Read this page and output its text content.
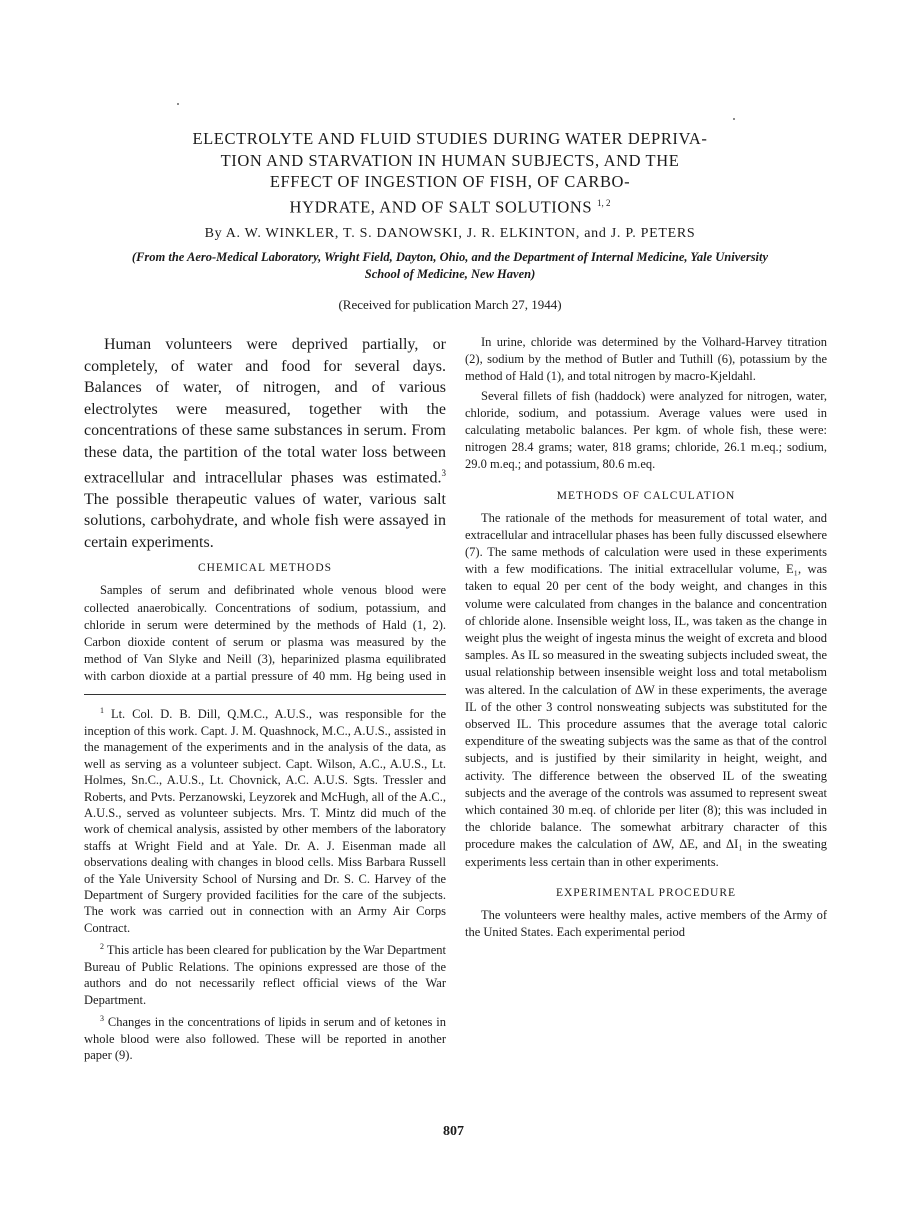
ELECTROLYTE AND FLUID STUDIES DURING WATER DEPRIVA-
TION AND STARVATION IN HUMAN SUBJECTS, AND THE
EFFECT OF INGESTION OF FISH, OF CARBO-
HYDRATE, AND OF SALT SOLUTIONS $^{1, 2}$
By A. W. WINKLER, T. S. DANOWSKI, J. R. ELKINTON, and J. P. PETERS
(From the Aero-Medical Laboratory, Wright Field, Dayton, Ohio, and the Department of Internal Medicine, Yale University School of Medicine, New Haven)
(Received for publication March 27, 1944)

Human volunteers were deprived partially, or completely, of water and food for several days. Balances of water, of nitrogen, and of various electrolytes were measured, together with the concentrations of these same substances in serum. From these data, the partition of the total water loss between extracellular and intracellular phases was estimated.$^3$ The possible therapeutic values of water, various salt solutions, carbohydrate, and whole fish were assayed in certain experiments.

CHEMICAL METHODS

Samples of serum and defibrinated whole venous blood were collected anaerobically. Concentrations of sodium, potassium, and chloride in serum were determined by the methods of Hald (1, 2). Carbon dioxide content of serum or plasma was measured by the method of Van Slyke and Neill (3), heparinized plasma equilibrated with carbon dioxide at a partial pressure of 40 mm. Hg being used in

$^1$ Lt. Col. D. B. Dill, Q.M.C., A.U.S., was responsible for the inception of this work. Capt. J. M. Quashnock, M.C., A.U.S., assisted in the management of the experiments and in the analysis of the data, as well as serving as a volunteer subject. Capt. Wilson, A.C., A.U.S., Lt. Holmes, Sn.C., A.U.S., Lt. Chovnick, A.C. A.U.S. Sgts. Tressler and Roberts, and Pvts. Perzanowski, Leyzorek and McHugh, all of the A.C., A.U.S., served as volunteer subjects. Mrs. T. Mintz did much of the work of chemical analysis, assisted by other members of the laboratory staffs at Wright Field and at Yale. Dr. A. J. Eisenman made all observations dealing with changes in blood cells. Miss Barbara Russell of the Yale University School of Nursing and Dr. S. C. Harvey of the Department of Surgery provided facilities for the care of the subjects. The work was carried out in connection with an Army Air Corps Contract.

$^2$ This article has been cleared for publication by the War Department Bureau of Public Relations. The opinions expressed are those of the authors and do not necessarily reflect official views of the War Department.

$^3$ Changes in the concentrations of lipids in serum and of ketones in whole blood were also followed. These will be reported in another paper (9).

In urine, chloride was determined by the Volhard-Harvey titration (2), sodium by the method of Butler and Tuthill (6), potassium by the method of Hald (1), and total nitrogen by macro-Kjeldahl.

Several fillets of fish (haddock) were analyzed for nitrogen, water, chloride, sodium, and potassium. Average values were used in calculating metabolic balances. Per kgm. of whole fish, these were: nitrogen 28.4 grams; water, 818 grams; chloride, 26.1 m.eq.; sodium, 29.0 m.eq.; and potassium, 80.6 m.eq.

METHODS OF CALCULATION

The rationale of the methods for measurement of total water, and extracellular and intracellular phases has been fully discussed elsewhere (7). The same methods of calculation were used in these experiments with a few modifications. The initial extracellular volume, E₁, was taken to equal 20 per cent of the body weight, and changes in this volume were calculated from changes in the balance and concentration of chloride alone. Insensible weight loss, IL, was taken as the change in weight plus the weight of ingesta minus the weight of excreta and blood samples. As IL so measured in the sweating subjects included sweat, the usual relationship between insensible weight loss and total metabolism was altered. In the calculation of ΔW in these experiments, the average IL of the other 3 control nonsweating subjects was substituted for the observed IL. This procedure assumes that the average total caloric expenditure of the sweating subjects was the same as that of the control subjects, and is justified by their similarity in height, weight, and activity. The difference between the observed IL of the sweating subjects and the average of the controls was assumed to represent sweat which contained 30 m.eq. of chloride per liter (8); this was included in the chloride balance. The somewhat arbitrary character of this procedure makes the calculation of ΔW, ΔE, and ΔI₁ in the sweating experiments less certain than in other experiments.

EXPERIMENTAL PROCEDURE

The volunteers were healthy males, active members of the Army of the United States. Each experimental period

807
